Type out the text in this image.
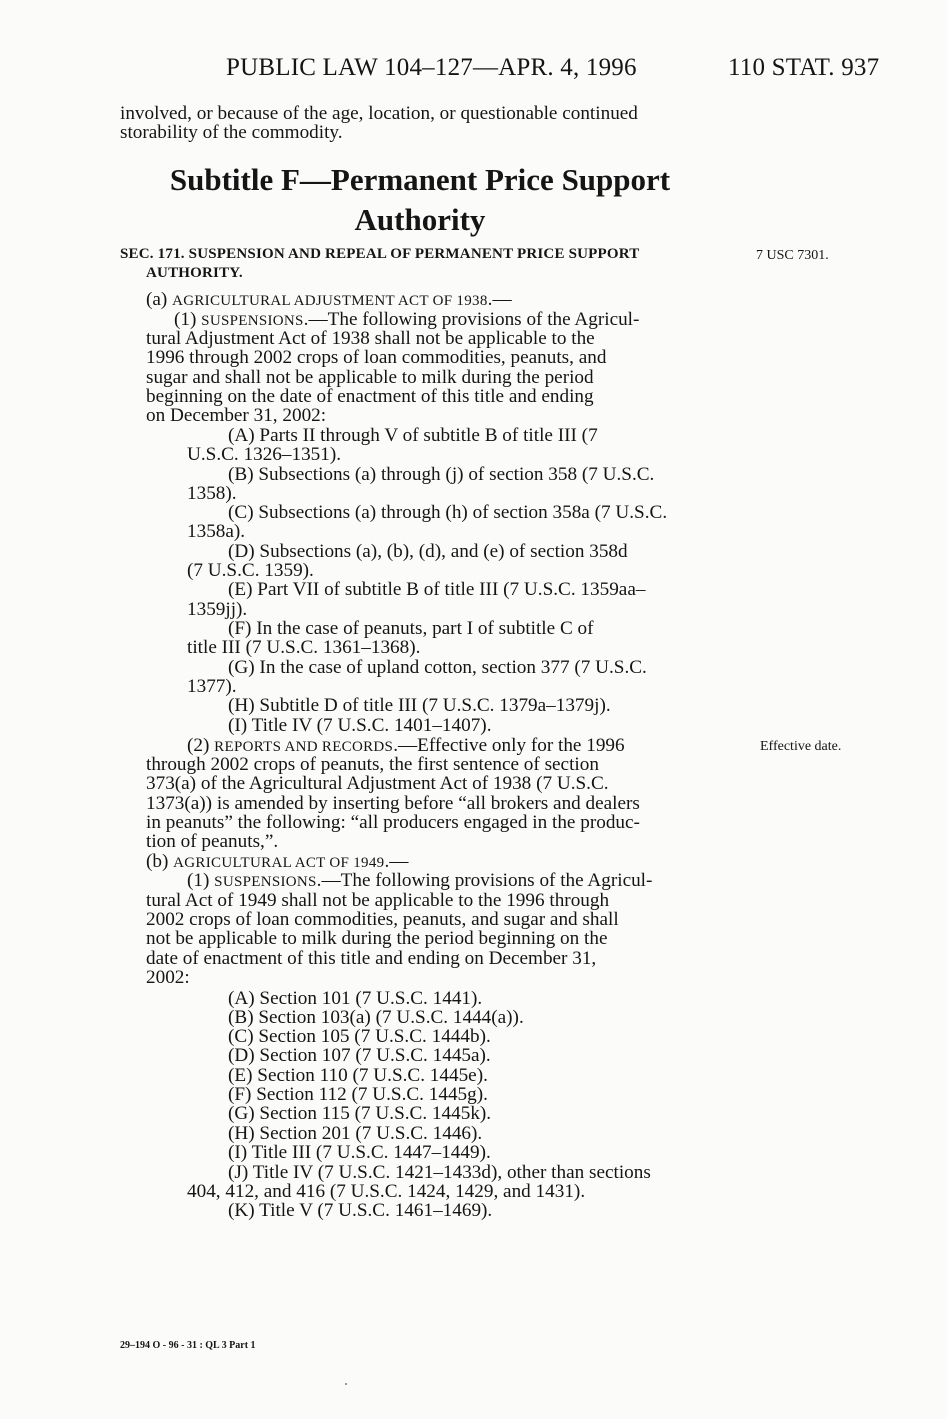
PUBLIC LAW 104–127—APR. 4, 1996	110 STAT. 937
involved, or because of the age, location, or questionable continued
storability of the commodity.
Subtitle F—Permanent Price Support
Authority
SEC. 171. SUSPENSION AND REPEAL OF PERMANENT PRICE SUPPORT
AUTHORITY.
7 USC 7301.
(a) AGRICULTURAL ADJUSTMENT ACT OF 1938.—
(1) SUSPENSIONS.—The following provisions of the Agricul-
tural Adjustment Act of 1938 shall not be applicable to the
1996 through 2002 crops of loan commodities, peanuts, and
sugar and shall not be applicable to milk during the period
beginning on the date of enactment of this title and ending
on December 31, 2002:
(A) Parts II through V of subtitle B of title III (7
U.S.C. 1326–1351).
(B) Subsections (a) through (j) of section 358 (7 U.S.C.
1358).
(C) Subsections (a) through (h) of section 358a (7 U.S.C.
1358a).
(D) Subsections (a), (b), (d), and (e) of section 358d
(7 U.S.C. 1359).
(E) Part VII of subtitle B of title III (7 U.S.C. 1359aa–
1359jj).
(F) In the case of peanuts, part I of subtitle C of
title III (7 U.S.C. 1361–1368).
(G) In the case of upland cotton, section 377 (7 U.S.C.
1377).
(H) Subtitle D of title III (7 U.S.C. 1379a–1379j).
(I) Title IV (7 U.S.C. 1401–1407).
(2) REPORTS AND RECORDS.—Effective only for the 1996	Effective date.
through 2002 crops of peanuts, the first sentence of section
373(a) of the Agricultural Adjustment Act of 1938 (7 U.S.C.
1373(a)) is amended by inserting before “all brokers and dealers
in peanuts” the following: “all producers engaged in the produc-
tion of peanuts,”.
(b) AGRICULTURAL ACT OF 1949.—
(1) SUSPENSIONS.—The following provisions of the Agricul-
tural Act of 1949 shall not be applicable to the 1996 through
2002 crops of loan commodities, peanuts, and sugar and shall
not be applicable to milk during the period beginning on the
date of enactment of this title and ending on December 31,
2002:
(A) Section 101 (7 U.S.C. 1441).
(B) Section 103(a) (7 U.S.C. 1444(a)).
(C) Section 105 (7 U.S.C. 1444b).
(D) Section 107 (7 U.S.C. 1445a).
(E) Section 110 (7 U.S.C. 1445e).
(F) Section 112 (7 U.S.C. 1445g).
(G) Section 115 (7 U.S.C. 1445k).
(H) Section 201 (7 U.S.C. 1446).
(I) Title III (7 U.S.C. 1447–1449).
(J) Title IV (7 U.S.C. 1421–1433d), other than sections
404, 412, and 416 (7 U.S.C. 1424, 1429, and 1431).
(K) Title V (7 U.S.C. 1461–1469).
29–194 O - 96 - 31 : QL 3 Part 1
